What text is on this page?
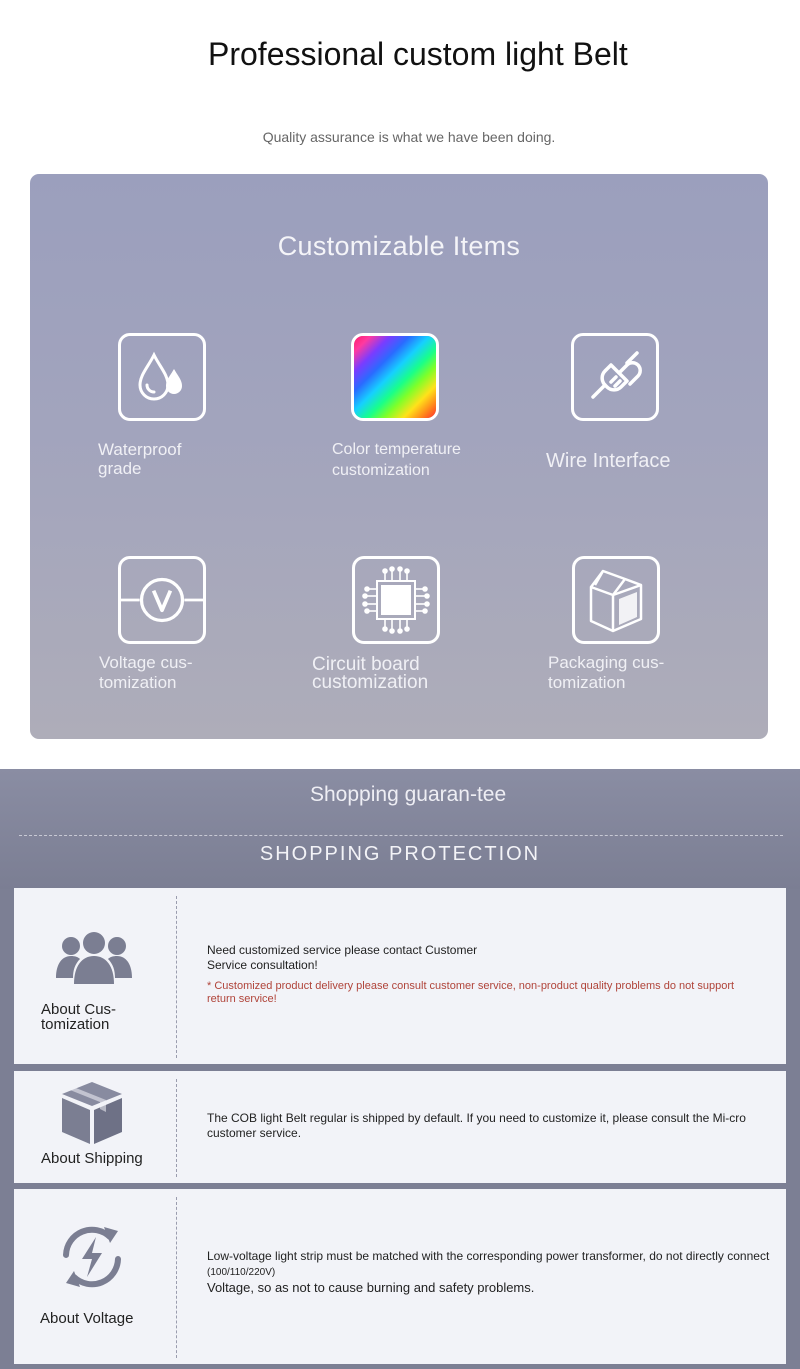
Professional custom light Belt
Quality assurance is what we have been doing.
Customizable Items
Waterproof grade
Color temperature customization	Wire Interface
Voltage cus-tomization
Circuit board customization
Packaging cus-tomization
Shopping guaran-tee
SHOPPING PROTECTION
About Cus-tomization
Need customized service please contact Customer Service consultation!
* Customized product delivery please consult customer service, non-product quality problems do not support return service!
About Shipping
The COB light Belt regular is shipped by default. If you need to customize it, please consult the Mi-cro customer service.
About Voltage
Low-voltage light strip must be matched with the corresponding power transformer, do not directly connect
(100/110/220V)
Voltage, so as not to cause burning and safety problems.
